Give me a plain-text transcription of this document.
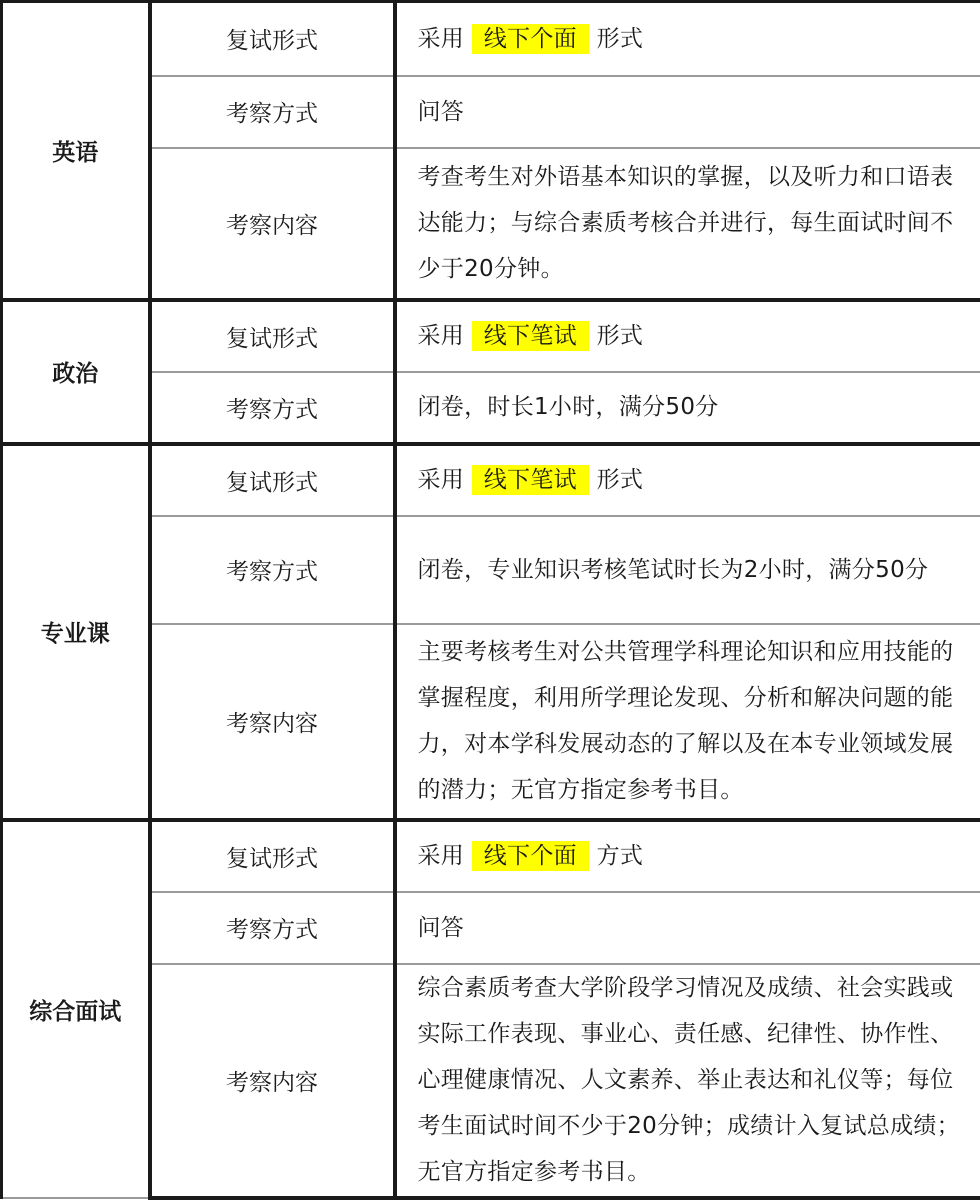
英语	复试形式	采用 线下个面 形式
	考察方式	问答
	考察内容	考查考生对外语基本知识的掌握，以及听力和口语表达能力；与综合素质考核合并进行，每生面试时间不少于20分钟。
政治	复试形式	采用 线下笔试 形式
	考察方式	闭卷，时长1小时，满分50分
专业课	复试形式	采用 线下笔试 形式
	考察方式	闭卷，专业知识考核笔试时长为2小时，满分50分
	考察内容	主要考核考生对公共管理学科理论知识和应用技能的掌握程度，利用所学理论发现、分析和解决问题的能力，对本学科发展动态的了解以及在本专业领域发展的潜力；无官方指定参考书目。
综合面试	复试形式	采用 线下个面 方式
	考察方式	问答
	考察内容	综合素质考查大学阶段学习情况及成绩、社会实践或实际工作表现、事业心、责任感、纪律性、协作性、心理健康情况、人文素养、举止表达和礼仪等；每位考生面试时间不少于20分钟；成绩计入复试总成绩；无官方指定参考书目。
